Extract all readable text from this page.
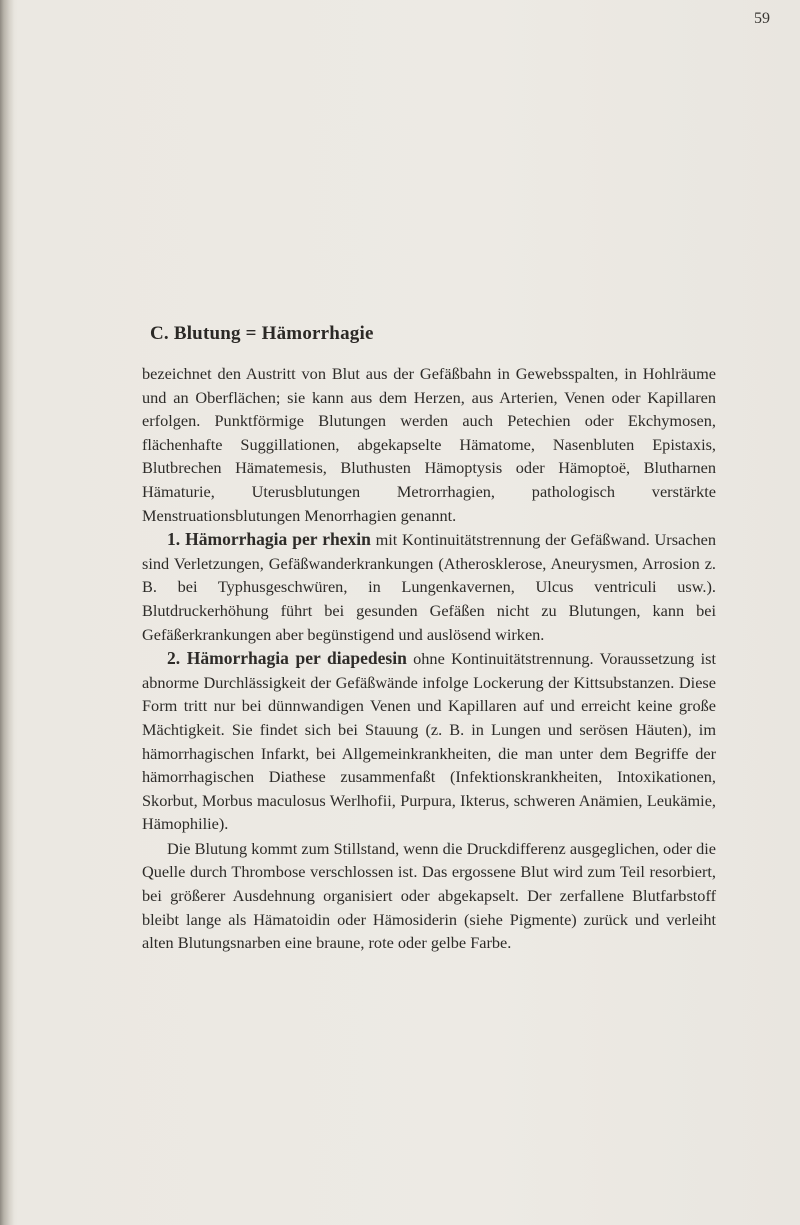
59
C. Blutung = Hämorrhagie

bezeichnet den Austritt von Blut aus der Gefäßbahn in Gewebsspalten, in Hohlräume und an Oberflächen; sie kann aus dem Herzen, aus Arterien, Venen oder Kapillaren erfolgen. Punktförmige Blutungen werden auch Petechien oder Ekchymosen, flächenhafte Suggillationen, abgekapselte Hämatome, Nasenbluten Epistaxis, Blutbrechen Hämatemesis, Bluthusten Hämoptysis oder Hämoptoë, Blutharnen Hämaturie, Uterusblutungen Metrorrhagien, pathologisch verstärkte Menstruationsblutungen Menorrhagien genannt.

1. Hämorrhagia per rhexin mit Kontinuitätstrennung der Gefäßwand. Ursachen sind Verletzungen, Gefäßwanderkrankungen (Atherosklerose, Aneurysmen, Arrosion z. B. bei Typhusgeschwüren, in Lungenkavernen, Ulcus ventriculi usw.). Blutdruckerhöhung führt bei gesunden Gefäßen nicht zu Blutungen, kann bei Gefäßerkrankungen aber begünstigend und auslösend wirken.

2. Hämorrhagia per diapedesin ohne Kontinuitätstrennung. Voraussetzung ist abnorme Durchlässigkeit der Gefäßwände infolge Lockerung der Kittsubstanzen. Diese Form tritt nur bei dünnwandigen Venen und Kapillaren auf und erreicht keine große Mächtigkeit. Sie findet sich bei Stauung (z. B. in Lungen und serösen Häuten), im hämorrhagischen Infarkt, bei Allgemeinkrankheiten, die man unter dem Begriffe der hämorrhagischen Diathese zusammenfaßt (Infektionskrankheiten, Intoxikationen, Skorbut, Morbus maculosus Werlhofii, Purpura, Ikterus, schweren Anämien, Leukämie, Hämophilie).

Die Blutung kommt zum Stillstand, wenn die Druckdifferenz ausgeglichen, oder die Quelle durch Thrombose verschlossen ist. Das ergossene Blut wird zum Teil resorbiert, bei größerer Ausdehnung organisiert oder abgekapselt. Der zerfallene Blutfarbstoff bleibt lange als Hämatoidin oder Hämosiderin (siehe Pigmente) zurück und verleiht alten Blutungsnarben eine braune, rote oder gelbe Farbe.
